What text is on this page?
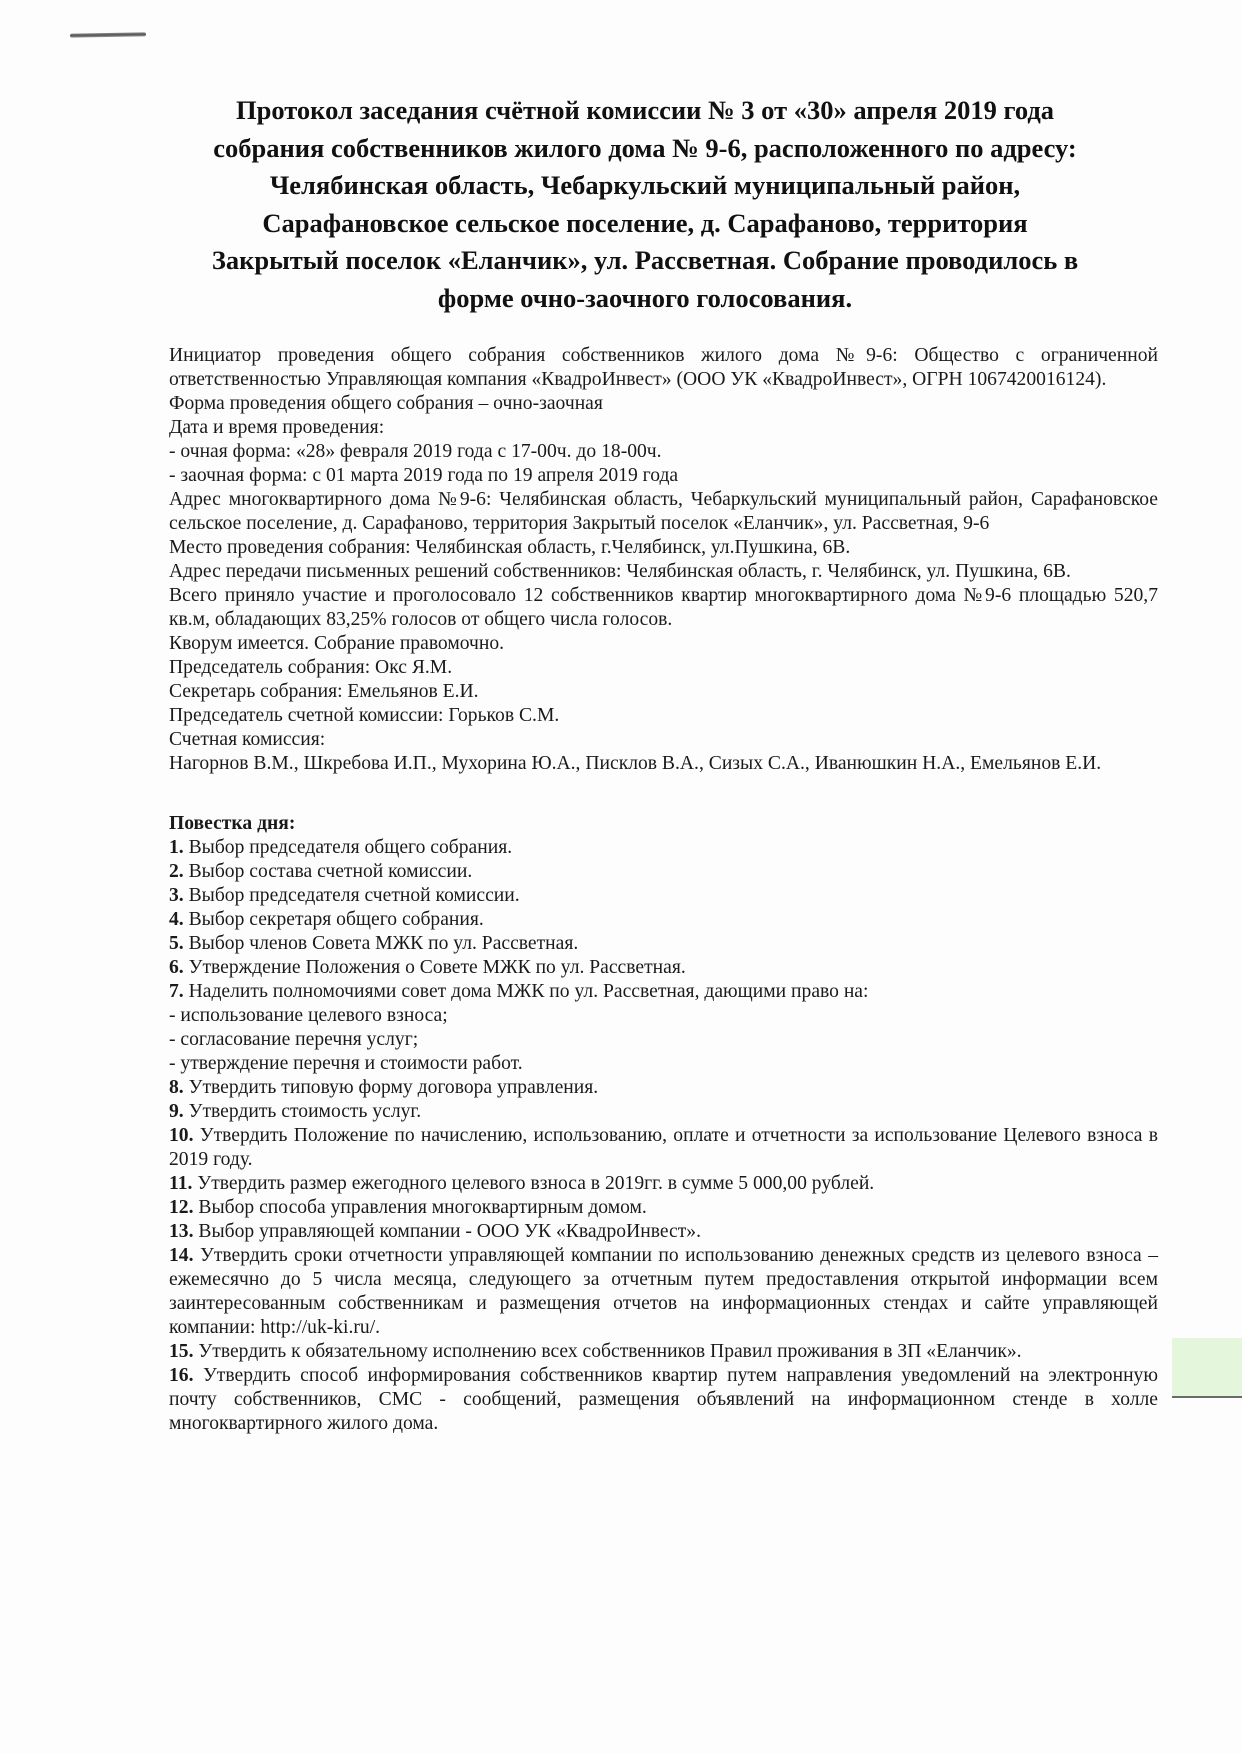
Протокол заседания счётной комиссии № 3 от «30» апреля 2019 года
собрания собственников жилого дома № 9-6, расположенного по адресу:
Челябинская область, Чебаркульский муниципальный район,
Сарафановское сельское поселение, д. Сарафаново, территория
Закрытый поселок «Еланчик», ул. Рассветная. Собрание проводилось в
форме очно-заочного голосования.

Инициатор проведения общего собрания собственников жилого дома №9-6: Общество с ограниченной ответственностью Управляющая компания «КвадроИнвест» (ООО УК «КвадроИнвест», ОГРН 1067420016124).

Форма проведения общего собрания – очно-заочная

Дата и время проведения:

- очная форма: «28» февраля 2019 года с 17-00ч. до 18-00ч.

- заочная форма: с 01 марта 2019 года по 19 апреля 2019 года

Адрес многоквартирного дома №9-6: Челябинская область, Чебаркульский муниципальный район, Сарафановское сельское поселение, д. Сарафаново, территория Закрытый поселок «Еланчик», ул. Рассветная, 9-6

Место проведения собрания: Челябинская область, г.Челябинск, ул.Пушкина, 6В.

Адрес передачи письменных решений собственников: Челябинская область, г. Челябинск, ул. Пушкина, 6В.

Всего приняло участие и проголосовало 12 собственников квартир многоквартирного дома №9-6 площадью 520,7 кв.м, обладающих 83,25% голосов от общего числа голосов.

Кворум имеется. Собрание правомочно.

Председатель собрания: Окс Я.М.

Секретарь собрания: Емельянов Е.И.

Председатель счетной комиссии: Горьков С.М.

Счетная комиссия:

Нагорнов В.М., Шкребова И.П., Мухорина Ю.А., Писклов В.А., Сизых С.А., Иванюшкин Н.А., Емельянов Е.И.

Повестка дня:

1. Выбор председателя общего собрания.

2. Выбор состава счетной комиссии.

3. Выбор председателя счетной комиссии.

4. Выбор секретаря общего собрания.

5. Выбор членов Совета МЖК по ул. Рассветная.

6. Утверждение Положения о Совете МЖК по ул. Рассветная.

7. Наделить полномочиями совет дома МЖК по ул. Рассветная, дающими право на:

- использование целевого взноса;

- согласование перечня услуг;

- утверждение перечня и стоимости работ.

8. Утвердить типовую форму договора управления.

9. Утвердить стоимость услуг.

10. Утвердить Положение по начислению, использованию, оплате и отчетности за использование Целевого взноса в 2019 году.

11. Утвердить размер ежегодного целевого взноса в 2019гг. в сумме 5 000,00 рублей.

12. Выбор способа управления многоквартирным домом.

13. Выбор управляющей компании - ООО УК «КвадроИнвест».

14. Утвердить сроки отчетности управляющей компании по использованию денежных средств из целевого взноса – ежемесячно до 5 числа месяца, следующего за отчетным путем предоставления открытой информации всем заинтересованным собственникам и размещения отчетов на информационных стендах и сайте управляющей компании: http://uk-ki.ru/.

15. Утвердить к обязательному исполнению всех собственников Правил проживания в ЗП «Еланчик».

16. Утвердить способ информирования собственников квартир путем направления уведомлений на электронную почту собственников, СМС - сообщений, размещения объявлений на информационном стенде в холле многоквартирного жилого дома.
